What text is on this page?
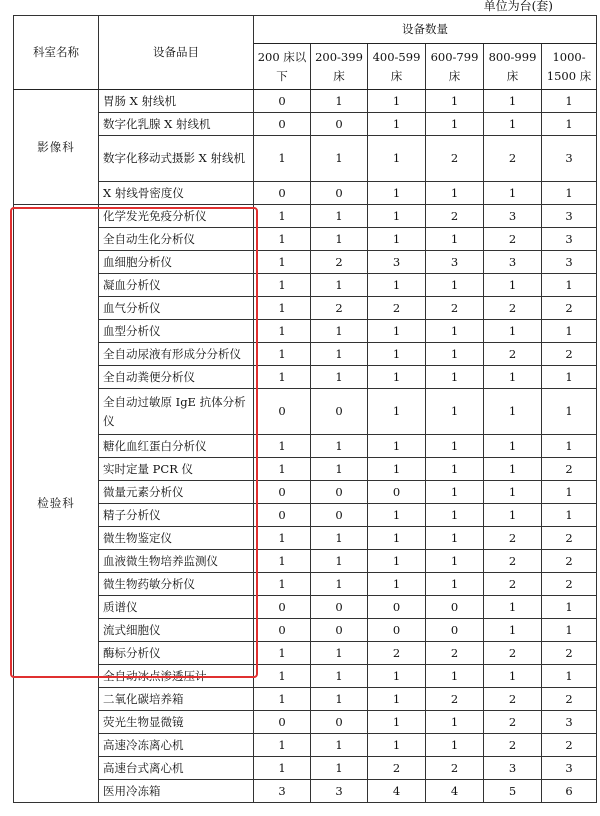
单位为台(套)
科室名称	设备品目	设备数量					
		200 床以下	200-399 床	400-599 床	600-799 床	800-999 床	1000-1500 床
影像科	胃肠 X 射线机	0	1	1	1	1	1
	数字化乳腺 X 射线机	0	0	1	1	1	1
	数字化移动式摄影 X 射线机	1	1	1	2	2	3
	X 射线骨密度仪	0	0	1	1	1	1
检验科	化学发光免疫分析仪	1	1	1	2	3	3
	全自动生化分析仪	1	1	1	1	2	3
	血细胞分析仪	1	2	3	3	3	3
	凝血分析仪	1	1	1	1	1	1
	血气分析仪	1	2	2	2	2	2
	血型分析仪	1	1	1	1	1	1
	全自动尿液有形成分分析仪	1	1	1	1	2	2
	全自动粪便分析仪	1	1	1	1	1	1
	全自动过敏原 IgE 抗体分析仪	0	0	1	1	1	1
	糖化血红蛋白分析仪	1	1	1	1	1	1
	实时定量 PCR 仪	1	1	1	1	1	2
	微量元素分析仪	0	0	0	1	1	1
	精子分析仪	0	0	1	1	1	1
	微生物鉴定仪	1	1	1	1	2	2
	血液微生物培养监测仪	1	1	1	1	2	2
	微生物药敏分析仪	1	1	1	1	2	2
	质谱仪	0	0	0	0	1	1
	流式细胞仪	0	0	0	0	1	1
	酶标分析仪	1	1	2	2	2	2
	全自动冰点渗透压计	1	1	1	1	1	1
	二氧化碳培养箱	1	1	1	2	2	2
	荧光生物显微镜	0	0	1	1	2	3
	高速冷冻离心机	1	1	1	1	2	2
	高速台式离心机	1	1	2	2	3	3
	医用冷冻箱	3	3	4	4	5	6
